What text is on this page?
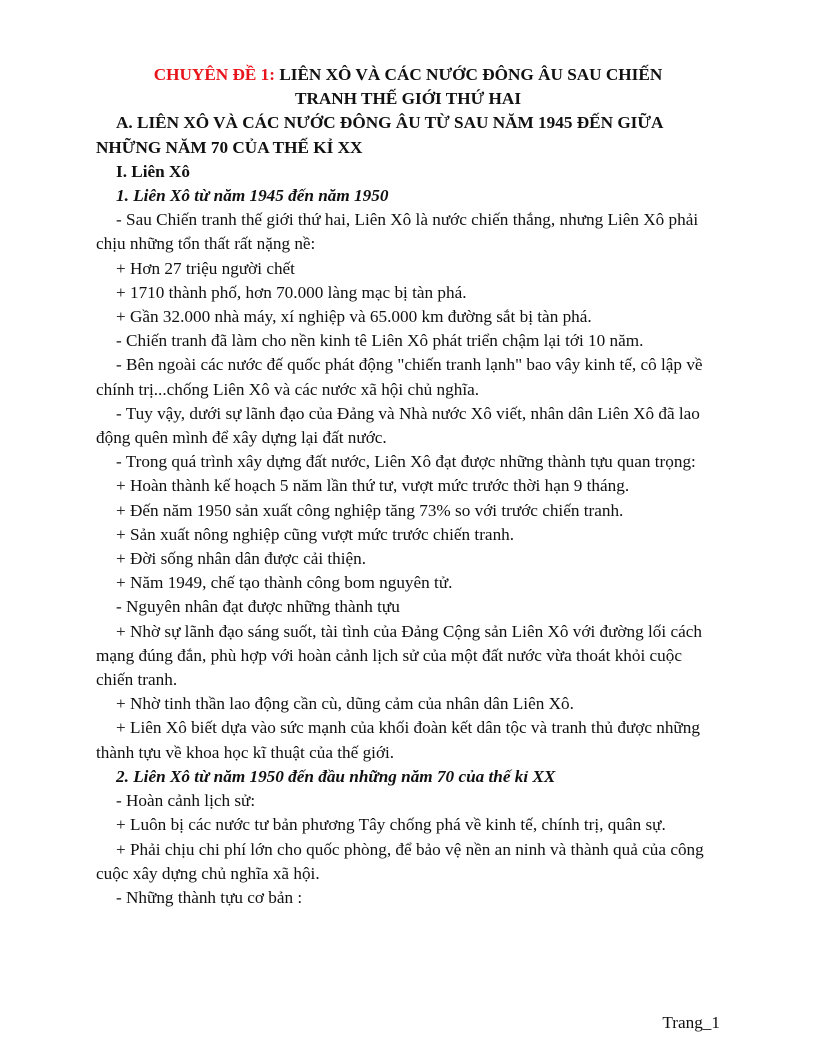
CHUYÊN ĐỀ 1: LIÊN XÔ VÀ CÁC NƯỚC ĐÔNG ÂU SAU CHIẾN
TRANH THẾ GIỚI THỨ HAI

A. LIÊN XÔ VÀ CÁC NƯỚC ĐÔNG ÂU TỪ SAU NĂM 1945 ĐẾN GIỮA NHỮNG NĂM 70 CỦA THẾ KỈ XX

I. Liên Xô

1. Liên Xô từ năm 1945 đến năm 1950

- Sau Chiến tranh thế giới thứ hai, Liên Xô là nước chiến thắng, nhưng Liên Xô phải chịu những tổn thất rất nặng nề:

+ Hơn 27 triệu người chết

+ 1710 thành phố, hơn 70.000 làng mạc bị tàn phá.

+ Gần 32.000 nhà máy, xí nghiệp và 65.000 km đường sắt bị tàn phá.

- Chiến tranh đã làm cho nền kinh tê Liên Xô phát triển chậm lại tới 10 năm.

- Bên ngoài các nước đế quốc phát động "chiến tranh lạnh" bao vây kinh tế, cô lập về chính trị...chống Liên Xô và các nước xã hội chủ nghĩa.

- Tuy vậy, dưới sự lãnh đạo của Đảng và Nhà nước Xô viết, nhân dân Liên Xô đã lao động quên mình để xây dựng lại đất nước.

- Trong quá trình xây dựng đất nước, Liên Xô đạt được những thành tựu quan trọng:

+ Hoàn thành kế hoạch 5 năm lần thứ tư, vượt mức trước thời hạn 9 tháng.

+ Đến năm 1950 sản xuất công nghiệp tăng 73% so với trước chiến tranh.

+ Sản xuất nông nghiệp cũng vượt mức trước chiến tranh.

+ Đời sống nhân dân được cải thiện.

+ Năm 1949, chế tạo thành công bom nguyên tử.

- Nguyên nhân đạt được những thành tựu

+ Nhờ sự lãnh đạo sáng suốt, tài tình của Đảng Cộng sản Liên Xô với đường lối cách mạng đúng đắn, phù hợp với hoàn cảnh lịch sử của một đất nước vừa thoát khỏi cuộc chiến tranh.

+ Nhờ tinh thần lao động cần cù, dũng cảm của nhân dân Liên Xô.

+ Liên Xô biết dựa vào sức mạnh của khối đoàn kết dân tộc và tranh thủ được những thành tựu về khoa học kĩ thuật của thế giới.

2. Liên Xô từ năm 1950 đến đầu những năm 70 của thế kỉ XX

- Hoàn cảnh lịch sử:

+ Luôn bị các nước tư bản phương Tây chống phá về kinh tế, chính trị, quân sự.

+ Phải chịu chi phí lớn cho quốc phòng, để bảo vệ nền an ninh và thành quả của công cuộc xây dựng chủ nghĩa xã hội.

- Những thành tựu cơ bản :

Trang_1
